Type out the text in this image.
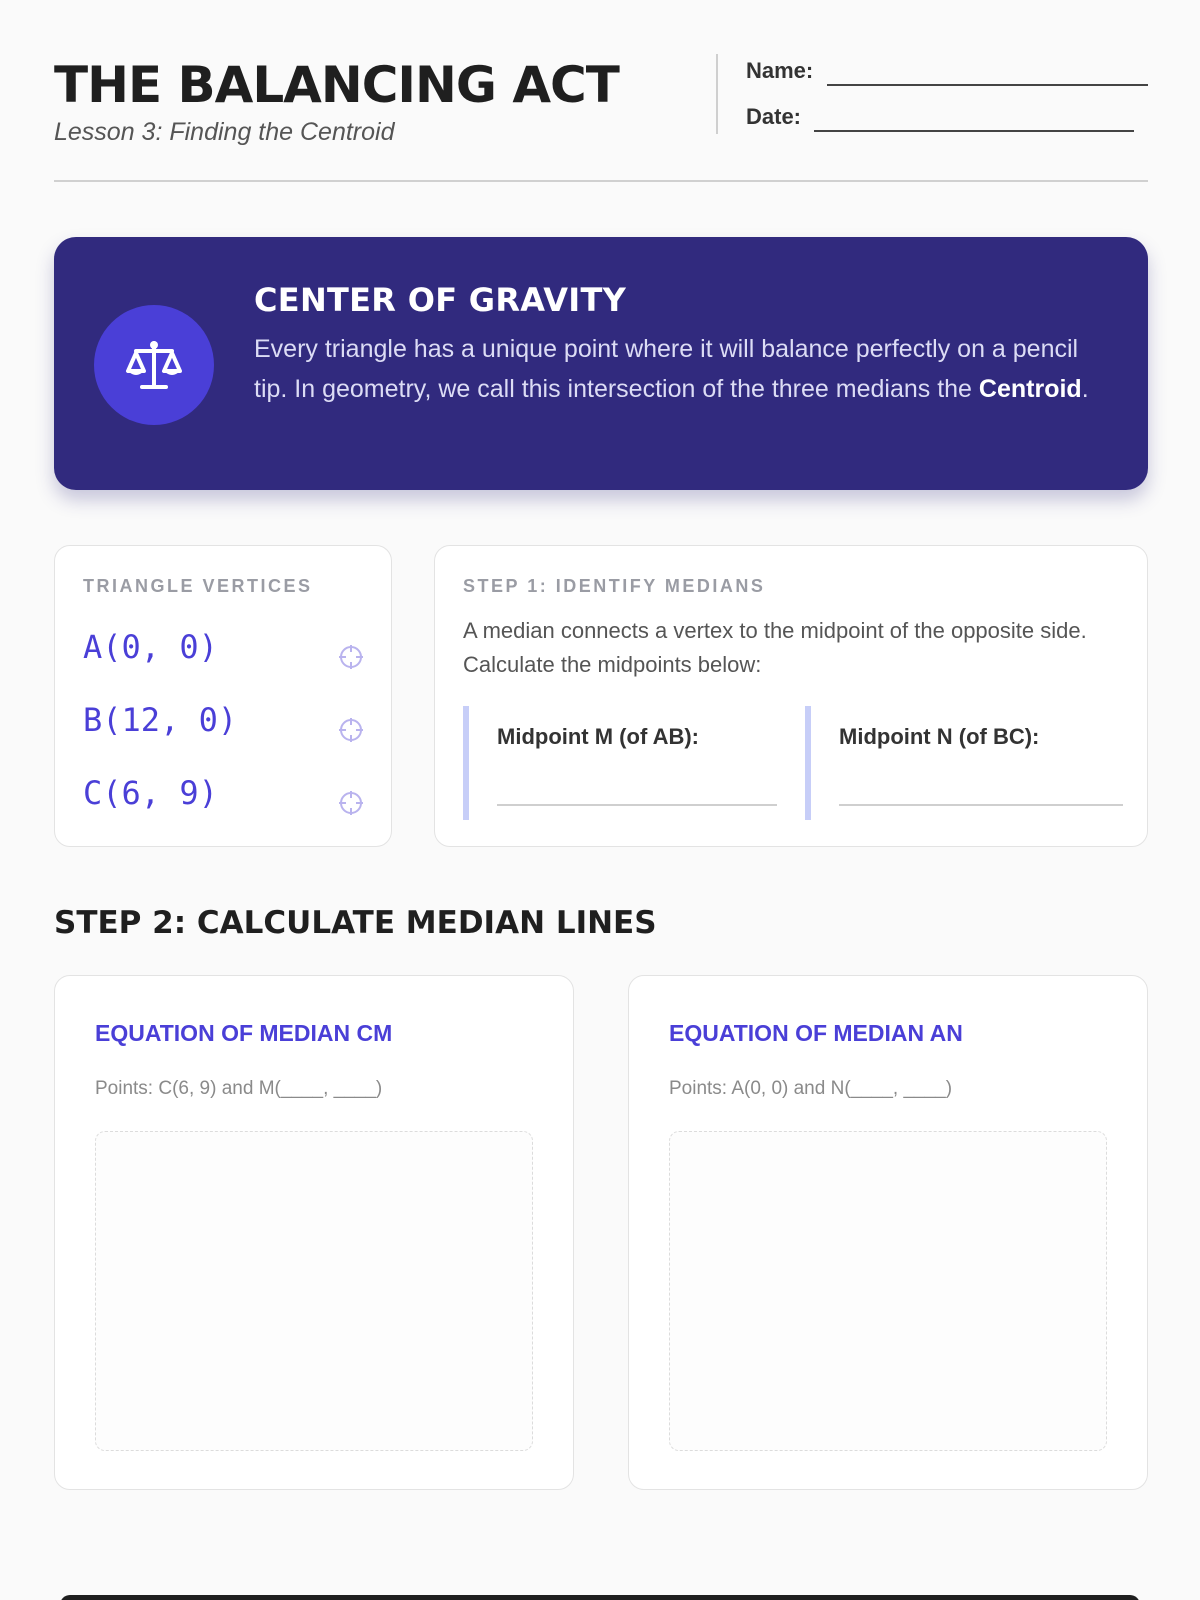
THE BALANCING ACT
Lesson 3: Finding the Centroid
Name:
Date:
CENTER OF GRAVITY
Every triangle has a unique point where it will balance perfectly on a pencil tip. In geometry, we call this intersection of the three medians the Centroid.
TRIANGLE VERTICES
A(0, 0)
B(12, 0)
C(6, 9)
STEP 1: IDENTIFY MEDIANS
A median connects a vertex to the midpoint of the opposite side. Calculate the midpoints below:
Midpoint M (of AB):	Midpoint N (of BC):
STEP 2: CALCULATE MEDIAN LINES
EQUATION OF MEDIAN CM
Points: C(6, 9) and M(____, ____)
EQUATION OF MEDIAN AN
Points: A(0, 0) and N(____, ____)
